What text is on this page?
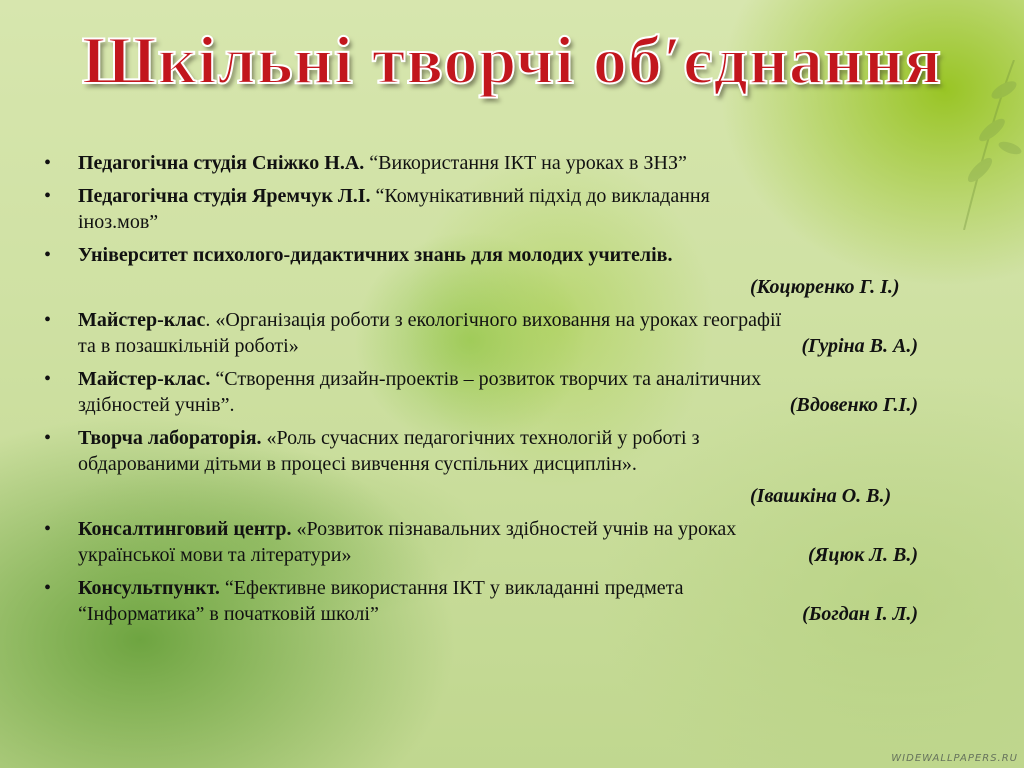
Шкільні творчі об′єднання
• Педагогічна студія Сніжко Н.А. “Використання ІКТ на уроках в ЗНЗ”
• Педагогічна студія Яремчук Л.І. “Комунікативний підхід до викладання
іноз.мов”
• Університет психолого-дидактичних знань для молодих учителів.
(Коцюренко Г. І.)
• Майстер-клас. «Організація роботи з екологічного виховання на уроках географії
та в позашкільній роботі»	(Гуріна В. А.)
• Майстер-клас. “Створення дизайн-проектів – розвиток творчих та аналітичних
здібностей учнів”.	(Вдовенко Г.І.)
• Творча лабораторія. «Роль сучасних педагогічних технологій у роботі з
обдарованими дітьми в процесі вивчення суспільних дисциплін».
(Івашкіна О. В.)
• Консалтинговий центр. «Розвиток пізнавальних здібностей учнів на уроках
української мови та літератури»	(Яцюк Л. В.)
• Консультпункт. “Ефективне використання ІКТ у викладанні предмета
“Інформатика” в початковій школі”	(Богдан І. Л.)
WIDEWALLPAPERS.RU
